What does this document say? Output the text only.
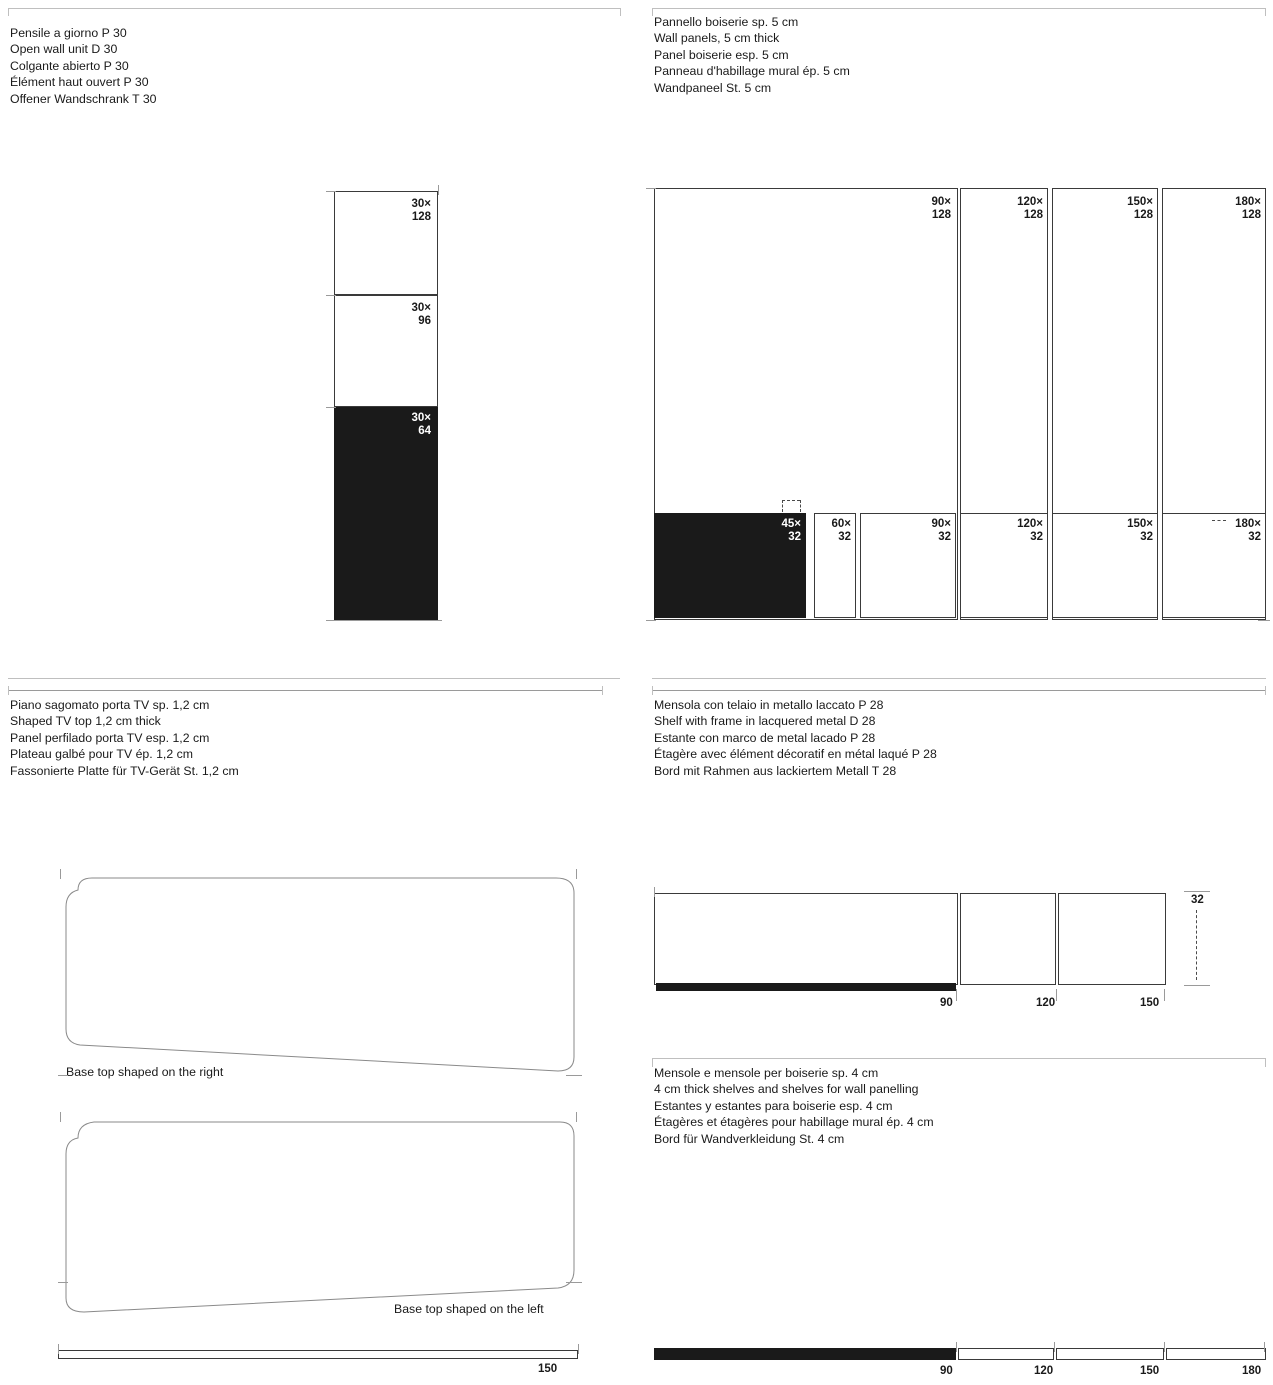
Pensile a giorno P 30
Open wall unit D 30
Colgante abierto P 30
Élément haut ouvert P 30
Offener Wandschrank T 30
Pannello boiserie sp. 5 cm
Wall panels, 5 cm thick
Panel boiserie esp. 5 cm
Panneau d'habillage mural ép. 5 cm
Wandpaneel St. 5 cm
30×
128
30×
96
30×
64
90×
128
120×
128
150×
128
180×
128
45×
32
60×
32
90×
32
120×
32
150×
32
180×
32
Piano sagomato porta TV sp. 1,2 cm
Shaped TV top 1,2 cm thick
Panel perfilado porta TV esp. 1,2 cm
Plateau galbé pour TV ép. 1,2 cm
Fassonierte Platte für TV-Gerät St. 1,2 cm
Mensola con telaio in metallo laccato P 28
Shelf with frame in lacquered metal D 28
Estante con marco de metal lacado P 28
Étagère avec élément décoratif en métal laqué P 28
Bord mit Rahmen aus lackiertem Metall T 28
Base top shaped on the right
Base top shaped on the left
150
32
90	120	150
Mensole e mensole per boiserie sp. 4 cm
4 cm thick shelves and shelves for wall panelling
Estantes y estantes para boiserie esp. 4 cm
Étagères et étagères pour habillage mural ép. 4 cm
Bord für Wandverkleidung St. 4 cm
90	120	150	180
